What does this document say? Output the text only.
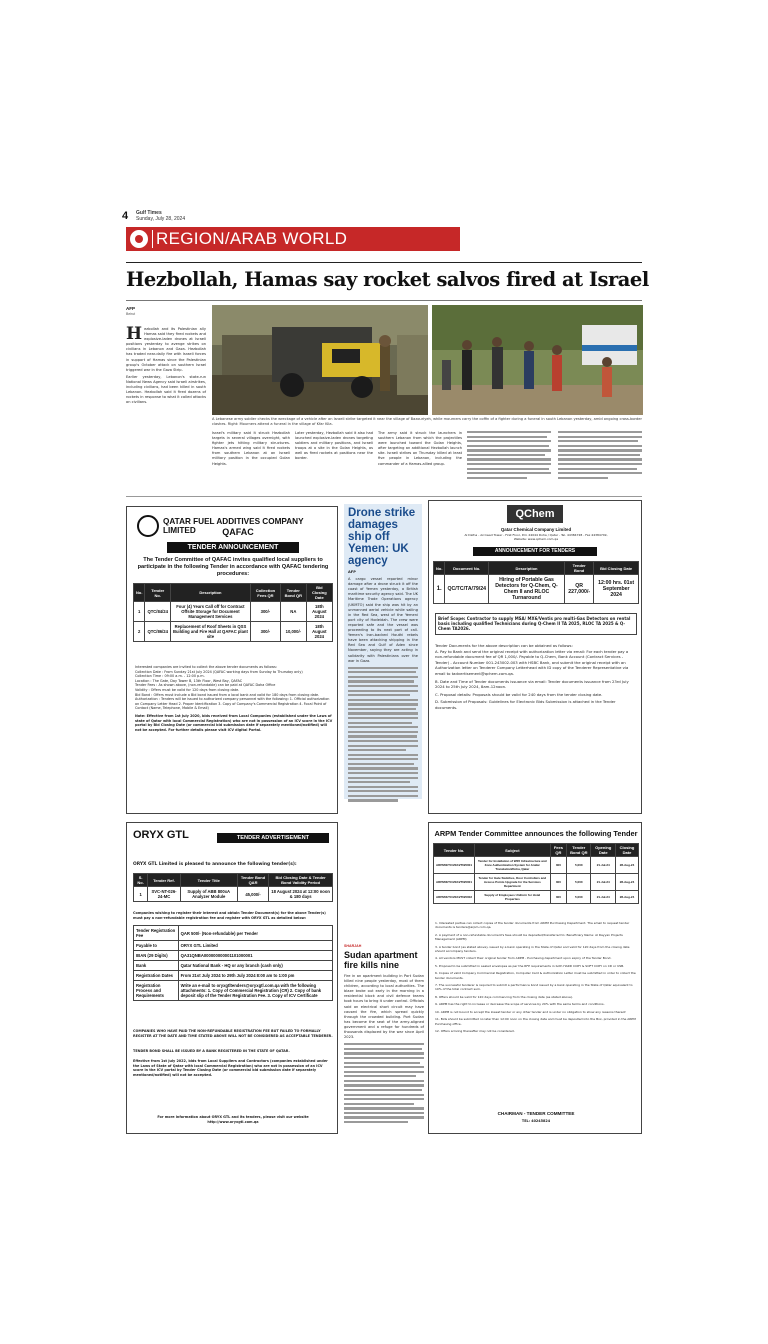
4 Gulf Times
Sunday, July 28, 2024
REGION/ARAB WORLD
Hezbollah, Hamas say rocket salvos fired at Israel
AFP
Beirut
H ezbollah and its Palestinian ally Hamas said they fired rockets and explosive-laden drones at Israeli positions yesterday to avenge strikes on civilians in Lebanon and Gaza. Hezbollah has traded near-daily fire with Israeli forces in support of Hamas since the Palestinian group's October attack on southern Israel triggered war in the Gaza Strip.

Earlier yesterday, Lebanon's state-run National News Agency said Israeli airstrikes, including civilians, had been killed in south Lebanon. Hezbollah said it fired dozens of rockets in response to what it called attacks on civilians.

A Lebanese army soldier checks the wreckage of a vehicle after an Israeli strike targeted it near the village of Bazouriyeh, while mourners carry the coffin of a fighter during a funeral in south Lebanon yesterday, amid ongoing cross-border clashes. Right: Mourners attend a funeral in the village of Kfar Kila.

Israel's military said it struck Hezbollah targets in several villages overnight, with fighter jets hitting military structures. Hamas's armed wing said it fired rockets from southern Lebanon at an Israeli military position in the occupied Golan Heights.

Later yesterday, Hezbollah said it also had launched explosive-laden drones targeting soldiers and military positions, and Israeli troops at a site in the Golan Heights, as well as fired rockets at positions near the border.

The army said it struck the launchers in southern Lebanon from which the projectiles were launched toward the Golan Heights, after targeting an additional Hezbollah launch site. Israeli strikes on Thursday killed at least five people in Lebanon, including the commander of a Hamas-allied group.

QATAR FUEL ADDITIVES COMPANY LIMITED	QAFAC
TENDER ANNOUNCEMENT
The Tender Committee of QAFAC invites qualified local suppliers to participate in the following Tender in accordance with QAFAC tendering procedures:
No.	Tender No.	Description	Collection Fees QR	Tender Bond QR	Bid Closing Date
1	QTC/84/24	Four (4) Years Call off for Contract Offsite Storage for Document Management Services	300/-	NA	18th August 2024
2	QTC/86/24	Replacement of Roof Sheets in QSS Building and Fire Hall at QAFAC plant site	300/-	10,000/-	18th August 2024
Interested companies are invited to collect the above tender documents as follows:
Collection Date : From Sunday 21st July 2024 (QAFAC working days from Sunday to Thursday only)
Collection Time : 09:00 a.m. - 12:00 p.m.
Location : The Gate, Day Tower B, 13th Floor, West Bay, QAFAC
Tender Fees : As shown above, (non-refundable) can be paid at QAFAC Doha Office
Validity : Offers must be valid for 120 days from closing date.
Bid Bond : Offers must include a Bid bond issued from a local bank and valid for 180 days from closing date.
Authorization : Tenders will be issued to authorized company personnel with the following: 1. Official authorization on Company Letter Head 2. Proper Identification 3. Copy of Company's Commercial Registration 4. Focal Point of Contact (Name, Telephone, Mobile & Email)
Note: Effective from 1st July 2020, bids received from Local Companies (established under the Laws of state of Qatar with local Commercial Registration) who are not in possession of an ICV score in the ICV portal by Bid Closing Date (or commercial bid submission date if separately mentioned/notified) will not be accepted. For further details please visit ICV digital Portal.
Drone strike damages ship off Yemen: UK agency
AFP
A cargo vessel reported minor damage after a drone struck it off the coast of Yemen yesterday, a British maritime security agency said. The UK Maritime Trade Operations agency (UKMTO) said the ship was hit by an unmanned aerial vehicle while sailing in the Red Sea, west of the Yemeni port city of Hodeidah. The crew were reported safe and the vessel was proceeding to its next port of call. Yemen's Iran-backed Houthi rebels have been attacking shipping in the Red Sea and Gulf of Aden since November, saying they are acting in solidarity with Palestinians over the war in Gaza.
QChem
Qatar Chemical Company Limited
Al Dafna - Arrowad Tower - First Floor, P.O. 24044 Doha / Qatar - Tel. 44384728 - Fax 44384749, Website: www.qchem.com.qa
ANNOUNCEMENT FOR TENDERS
No.	Document No.	Description	Tender Bond	Bid Closing Date
1.	QC/TC/TA/79/24	Hiring of Portable Gas Detectors for Q-Chem, Q-Chem II and RLOC Turnaround	QR 227,000/-	12:00 hrs. 01st September 2024
Brief Scope: Contractor to supply MSA/ MX6/Ventis pro multi-Gas Detectors on rental basis including qualified Technicians during Q-Chem II TA 2025, RLOC TA 2025 & Q-Chem TA2026.
Tender Documents for the above description can be obtained as follows:
A. Pay to Bank and send the original receipt with authorization letter via email: For each tender pay a non-refundable document fee of QR 1,000/- Payable to Q-Chem, Bank Account (Contract Services - Tender) - Account Number 001-243002-003 with HSBC Bank, and submit the original receipt with an Authorization letter on Tenderer Company Letterhead with ID copy of the Tenderer Representative via email to tadvertisement@qchem.com.qa.
B. Date and Time of Tender documents issuance via email: Tender documents issuance from 23rd July 2024 to 25th July 2024, 8am-12noon.
C. Proposal details: Proposals should be valid for 240 days from the tender closing date.
D. Submission of Proposals: Guidelines for Electronic Bids Submission is attached in the Tender documents.
ORYX GTL	TENDER ADVERTISEMENT
ORYX GTL Limited is pleased to announce the following tender(s):
S. No.	Tender Ref.	Tender Title	Tender Bond QAR	Bid Closing Date & Tender Bond Validity Period
1	SVC-NT-026-24-MC	Supply of ABB 800xA Analyzer Module	45,000/-	18 August 2024 at 12:00 noon & 180 days
Companies wishing to register their interest and obtain Tender Document(s) for the above Tender(s) must pay a non-refundable registration fee and register with ORYX GTL as detailed below:
Tender Registration Fee	QAR 500/- (Non-refundable) per Tender
Payable to	ORYX GTL Limited
IBAN (29 Digits)	QA31QNBA000000000001101000001
Bank	Qatar National Bank - HQ or any branch (cash only)
Registration Dates	From 21st July 2024 to 29th July 2024 8:00 am to 1:00 pm
Registration Process and Requirements	Write an e-mail to oryxgtltenders@oryxgtl.com.qa with the following attachments: 1. Copy of Commercial Registration (CR) 2. Copy of bank deposit slip of the Tender Registration Fee. 3. Copy of ICV Certificate
COMPANIES WHO HAVE PAID THE NON-REFUNDABLE REGISTRATION FEE BUT FAILED TO FORMALLY REGISTER AT THE DATE AND TIME STATED ABOVE WILL NOT BE CONSIDERED AS ACCEPTABLE TENDERER.
TENDER BOND SHALL BE ISSUED BY A BANK REGISTERED IN THE STATE OF QATAR.
Effective from 1st July 2022, bids from Local Suppliers and Contractors (companies established under the Laws of State of Qatar with local Commercial Registration) who are not in possession of an ICV score in the ICV portal by Tender Closing Date (or commercial bid submission date if separately mentioned/notified) will not be accepted.
For more information about ORYX GTL and its tenders, please visit our website http://www.oryxgtl.com.qa
SHARJAH
Sudan apartment fire kills nine

Fire in an apartment building in Port Sudan killed nine people yesterday, most of them children, according to local authorities. The blaze broke out early in the morning in a residential block and civil defence teams took hours to bring it under control. Officials said an electrical short circuit may have caused the fire, which spread quickly through the crowded building. Port Sudan has become the seat of the army-aligned government and a refuge for hundreds of thousands displaced by the war since April 2023.

ARPM Tender Committee announces the following Tender
Tender No.	Subject	Fees QR	Tender Bond QR	Opening Date	Closing Date
ARPM/2/TC/2024/TN/0001	Tender for Installation of WIFI Infrastructure and Zone Authentication System for Arabic Translation/Doha, Qatar	300	5,000	21-Jul-24	28-Aug-24
ARPM/3/TC/2024/TN/0001	Tender for Gate Switches, Door Controllers and Access Points Upgrade for the Services Department	300	5,000	21-Jul-24	28-Aug-24
ARPM/4/TC/2024/TN/0002	Supply of Employees Uniform for Hotel Properties	300	5,000	21-Jul-24	28-Aug-24
1. Interested parties can collect copies of the tender documents from ARPM Purchasing Department. The email to request tender documents is tenders@arpm.com.qa.
2. A payment of a non-refundable document's fees should be deposited/transferred to: Beneficiary Name: Al Rayyan Projects Management (ARPM)
3. A tender bond (as stated above), issued by a bank operating in the State of Qatar and valid for 120 days from the closing date should accompany tenders.
4. All vendors MUST collect their original tender from ARPM - Purchasing department upon expiry of the Tender Bond.
5. Proposal to be submitted in sealed envelopes as per the RFP requirements in both HARD COPY & SOFT COPY on CD or USB.
6. Copies of valid Company Commercial Registration, Computer Card & Authorization Letter must be submitted in order to collect the tender documents.
7. The successful tenderer is required to submit a performance bond issued by a bank operating in the State of Qatar equivalent to 10% of the total contract sum.
8. Offers should be valid for 120 days commencing from the closing date (as stated above).
9. ARPM has the right to increase or decrease the scope of services by 20% with the same terms and conditions.
10. ARPM is not bound to accept the lowest tender or any other tender and is under no obligation to show any reasons thereof.
11. Bids should be submitted no later than 12:00 noon on the closing date and must be deposited into the Box, provided in the ARPM Purchasing office.
12. Offers arriving thereafter may not be considered.
CHAIRMAN - TENDER COMMITTEE
TEL: 40245824
